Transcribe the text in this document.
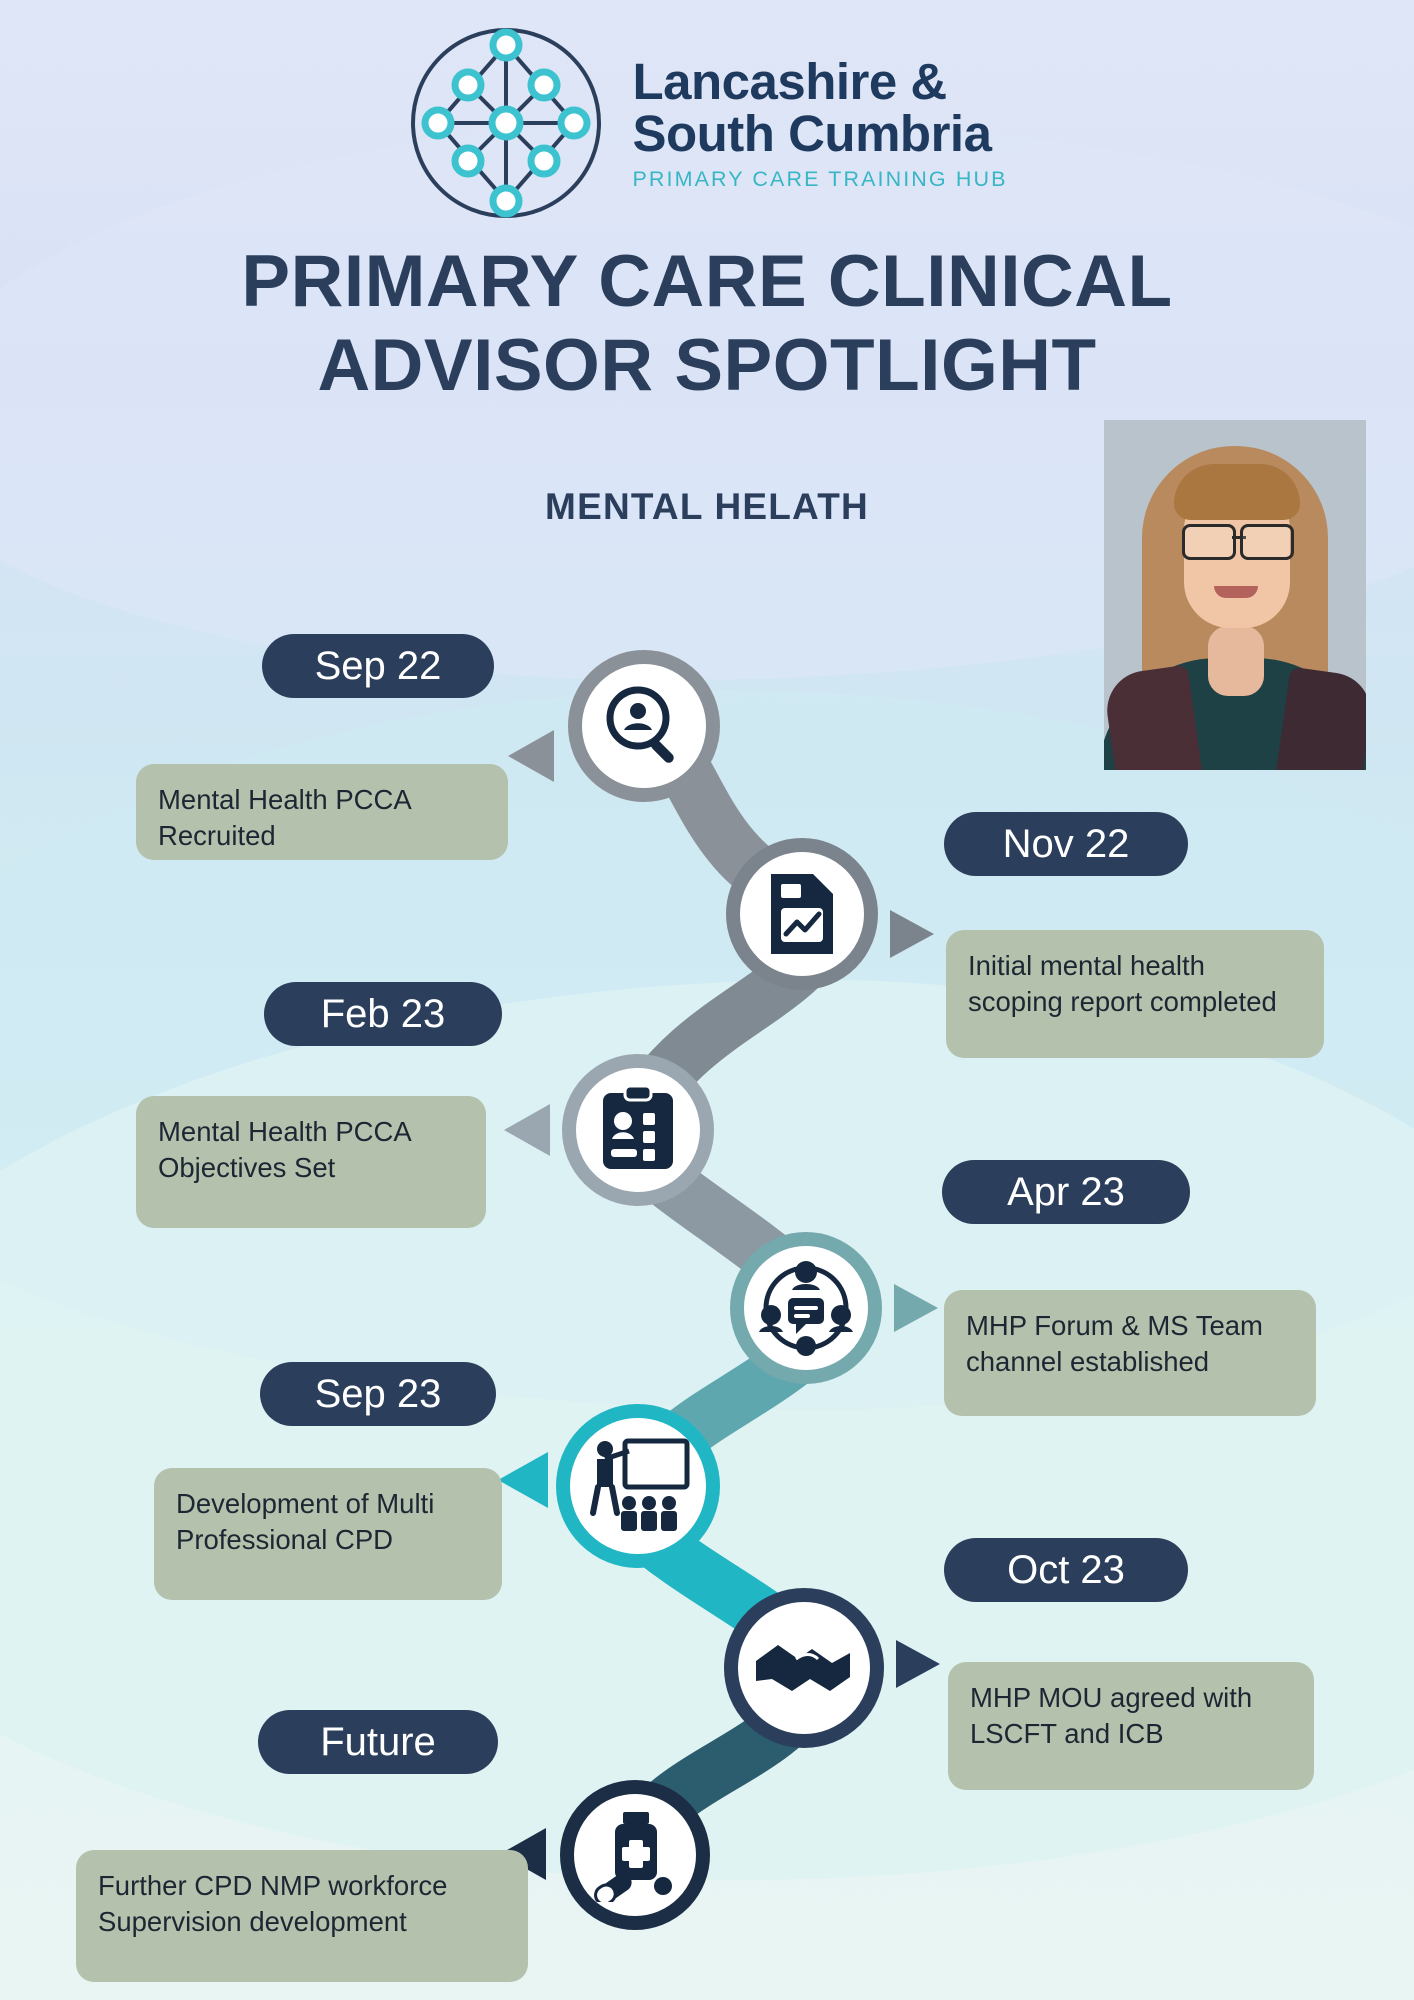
Lancashire &
South Cumbria
PRIMARY CARE TRAINING HUB
PRIMARY CARE CLINICAL
ADVISOR SPOTLIGHT
MENTAL HELATH
Sep 22
Nov 22
Feb 23
Apr 23
Sep 23
Oct 23
Future
Mental Health PCCA Recruited
Initial mental health scoping report completed
Mental Health PCCA Objectives Set
MHP Forum & MS Team channel established
Development of Multi Professional CPD
MHP MOU agreed with LSCFT and ICB
Further CPD NMP workforce Supervision development
